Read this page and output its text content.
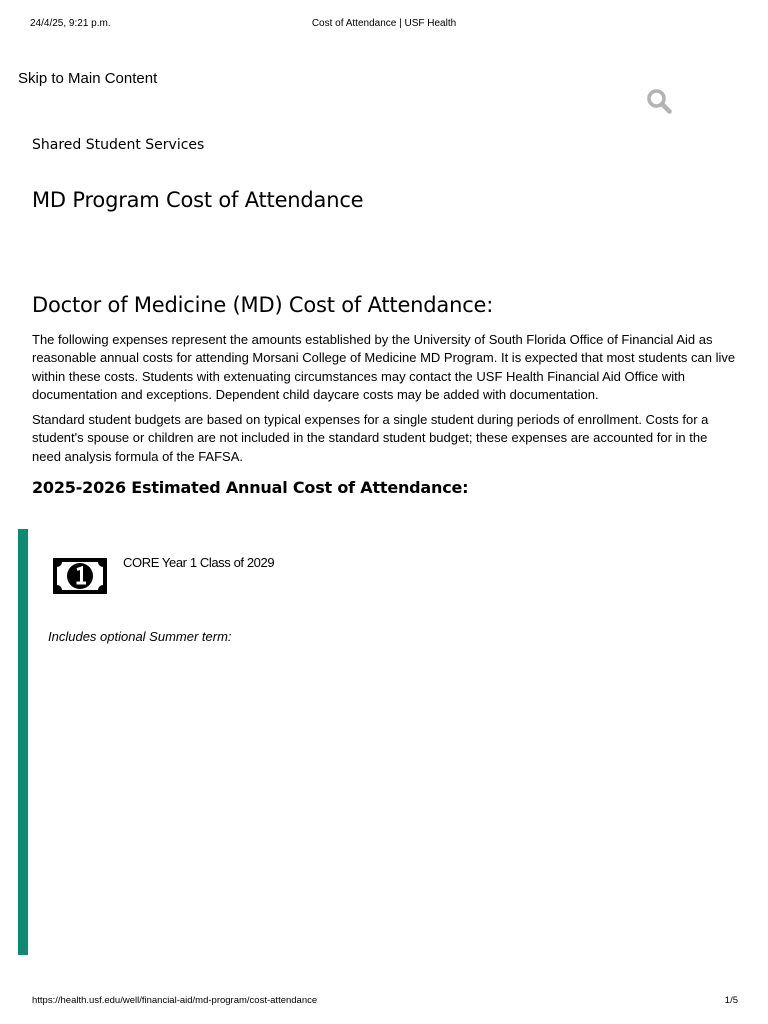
24/4/25, 9:21 p.m.	Cost of Attendance | USF Health
Skip to Main Content
Shared Student Services
MD Program Cost of Attendance
Doctor of Medicine (MD) Cost of Attendance:

The following expenses represent the amounts established by the University of South Florida Office of Financial Aid as reasonable annual costs for attending Morsani College of Medicine MD Program. It is expected that most students can live within these costs. Students with extenuating circumstances may contact the USF Health Financial Aid Office with documentation and exceptions. Dependent child daycare costs may be added with documentation.

Standard student budgets are based on typical expenses for a single student during periods of enrollment. Costs for a student's spouse or children are not included in the standard student budget; these expenses are accounted for in the need analysis formula of the FAFSA.

2025-2026 Estimated Annual Cost of Attendance:
CORE Year 1 Class of 2029
Includes optional Summer term:
https://health.usf.edu/well/financial-aid/md-program/cost-attendance	1/5
